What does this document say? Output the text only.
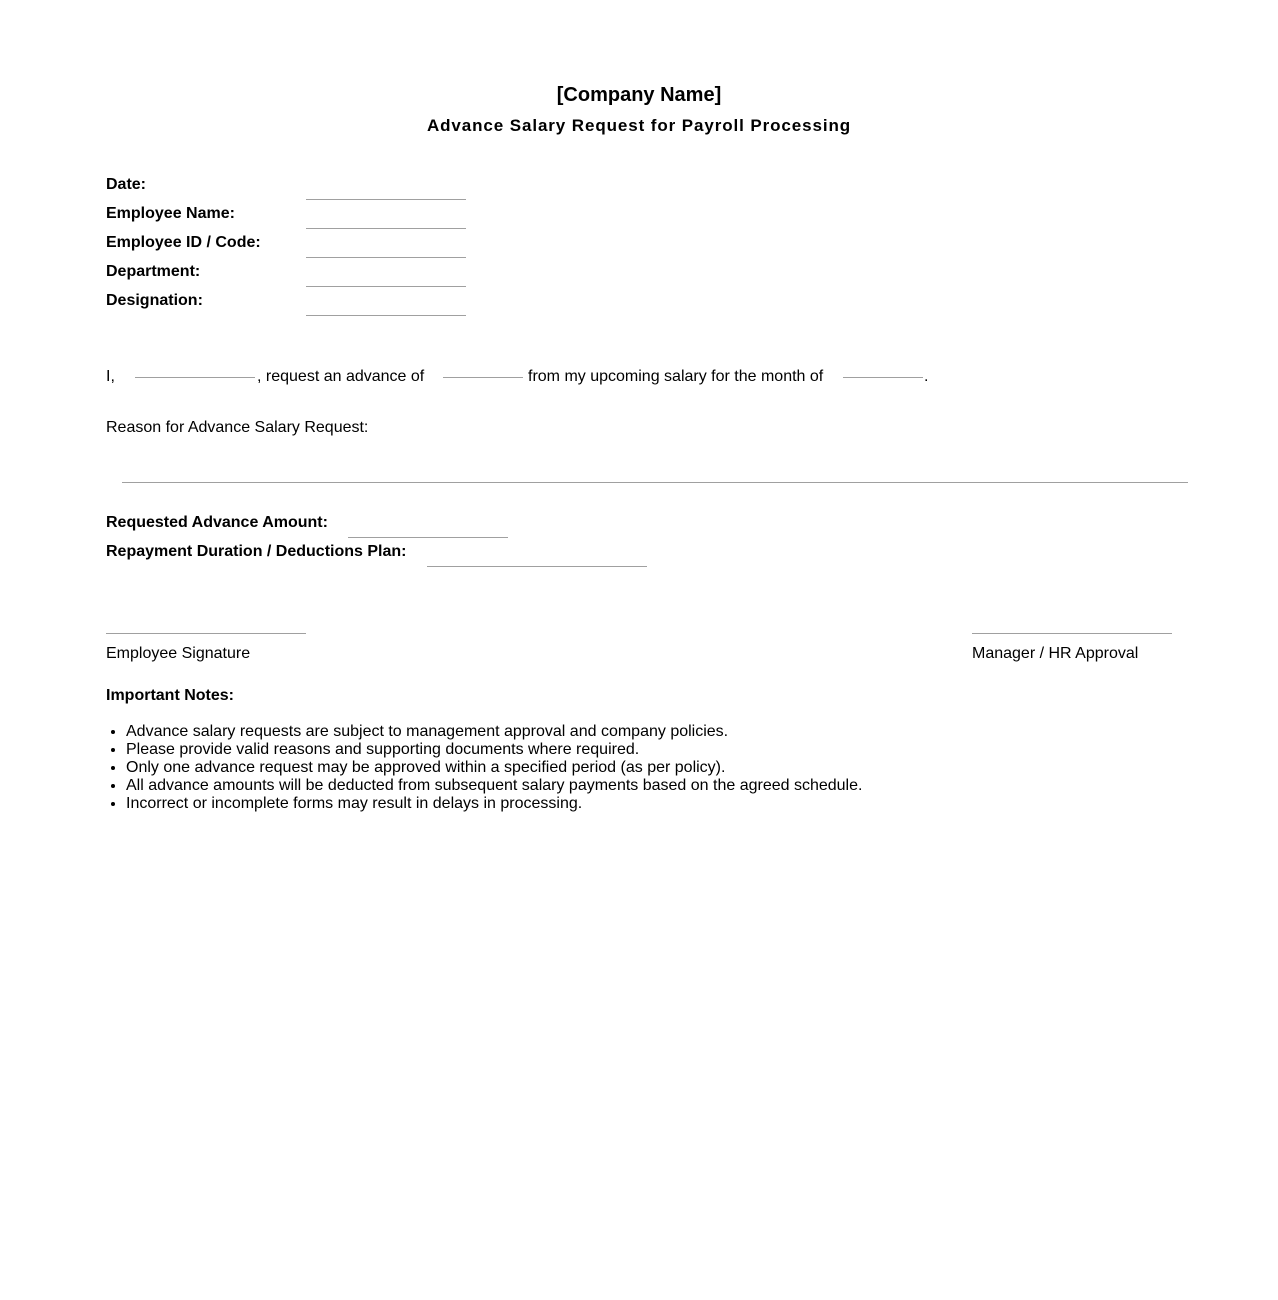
[Company Name]
Advance Salary Request for Payroll Processing
Date:
Employee Name:
Employee ID / Code:
Department:
Designation:
I,	, request an advance of	from my upcoming salary for the month of	.
Reason for Advance Salary Request:
Requested Advance Amount:
Repayment Duration / Deductions Plan:
Employee Signature	Manager / HR Approval
Important Notes:
• Advance salary requests are subject to management approval and company policies.
• Please provide valid reasons and supporting documents where required.
• Only one advance request may be approved within a specified period (as per policy).
• All advance amounts will be deducted from subsequent salary payments based on the agreed schedule.
• Incorrect or incomplete forms may result in delays in processing.
